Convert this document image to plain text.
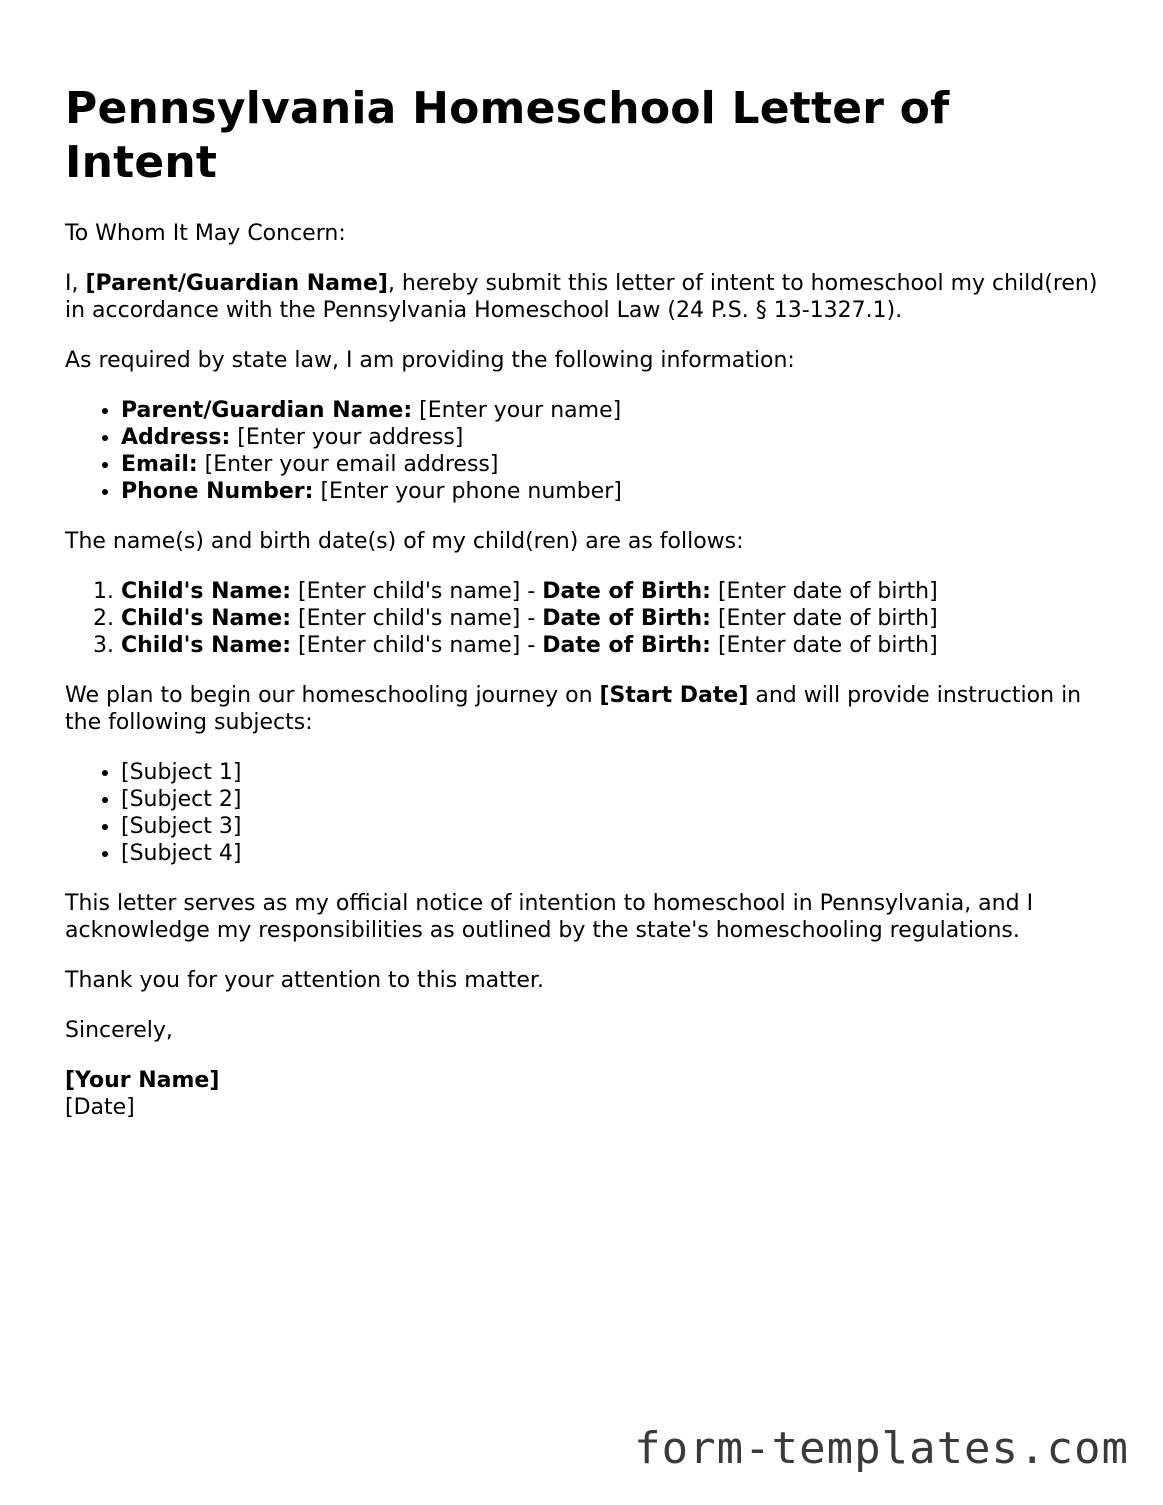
Pennsylvania Homeschool Letter of Intent

To Whom It May Concern:

I, [Parent/Guardian Name], hereby submit this letter of intent to homeschool my child(ren) in accordance with the Pennsylvania Homeschool Law (24 P.S. § 13-1327.1).

As required by state law, I am providing the following information:

• Parent/Guardian Name: [Enter your name]
• Address: [Enter your address]
• Email: [Enter your email address]
• Phone Number: [Enter your phone number]

The name(s) and birth date(s) of my child(ren) are as follows:

1. Child's Name: [Enter child's name] - Date of Birth: [Enter date of birth]
2. Child's Name: [Enter child's name] - Date of Birth: [Enter date of birth]
3. Child's Name: [Enter child's name] - Date of Birth: [Enter date of birth]

We plan to begin our homeschooling journey on [Start Date] and will provide instruction in the following subjects:

• [Subject 1]
• [Subject 2]
• [Subject 3]
• [Subject 4]

This letter serves as my official notice of intention to homeschool in Pennsylvania, and I acknowledge my responsibilities as outlined by the state's homeschooling regulations.

Thank you for your attention to this matter.

Sincerely,

[Your Name]

[Date]

form-templates.com
